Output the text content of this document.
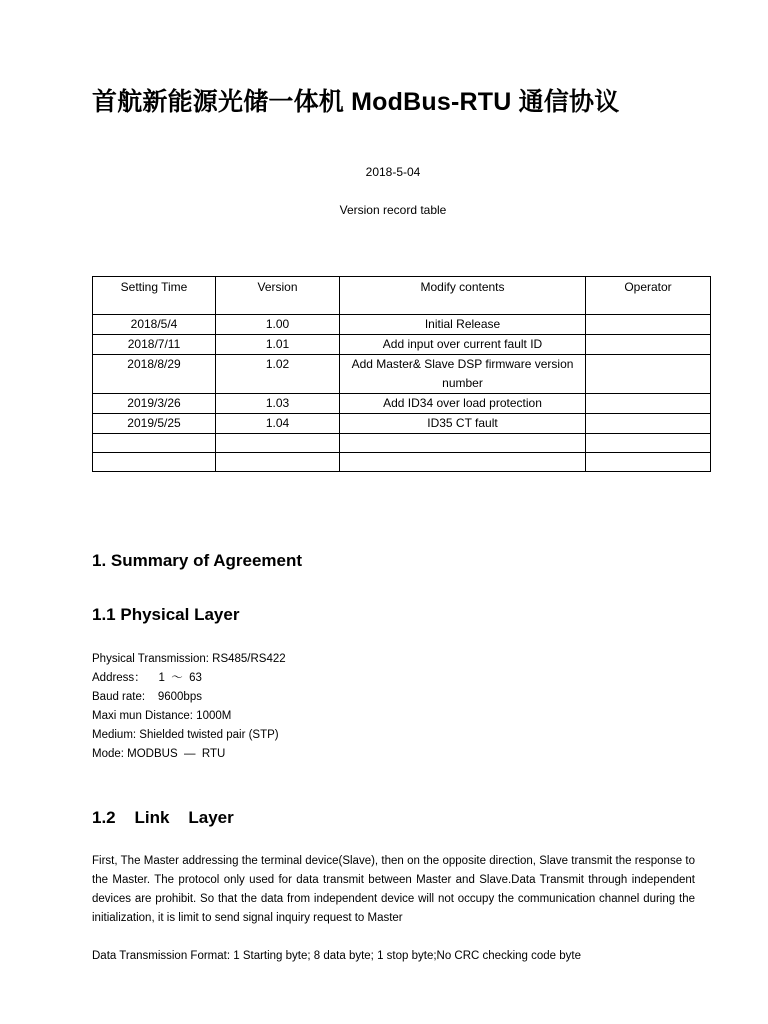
首航新能源光储一体机 ModBus-RTU 通信协议
2018-5-04
Version record table
Setting Time	Version	Modify contents	Operator
2018/5/4	1.00	Initial Release	
2018/7/11	1.01	Add input over current fault ID	
2018/8/29	1.02	Add Master& Slave DSP firmware version number	
2019/3/26	1.03	Add ID34 over load protection	
2019/5/25	1.04	ID35 CT fault	

1. Summary of Agreement
1.1 Physical Layer
Physical Transmission: RS485/RS422
Address：    1  ～  63
Baud rate:    9600bps
Maxi mun Distance: 1000M
Medium: Shielded twisted pair (STP)
Mode: MODBUS  —  RTU
1.2    Link    Layer

First, The Master addressing the terminal device(Slave), then on the opposite direction, Slave transmit the response to the Master. The protocol only used for data transmit between Master and Slave.Data Transmit through independent devices are prohibit. So that the data from independent device will not occupy the communication channel during the initialization, it is limit to send signal inquiry request to Master

Data Transmission Format: 1 Starting byte; 8 data byte; 1 stop byte;No CRC checking code byte
